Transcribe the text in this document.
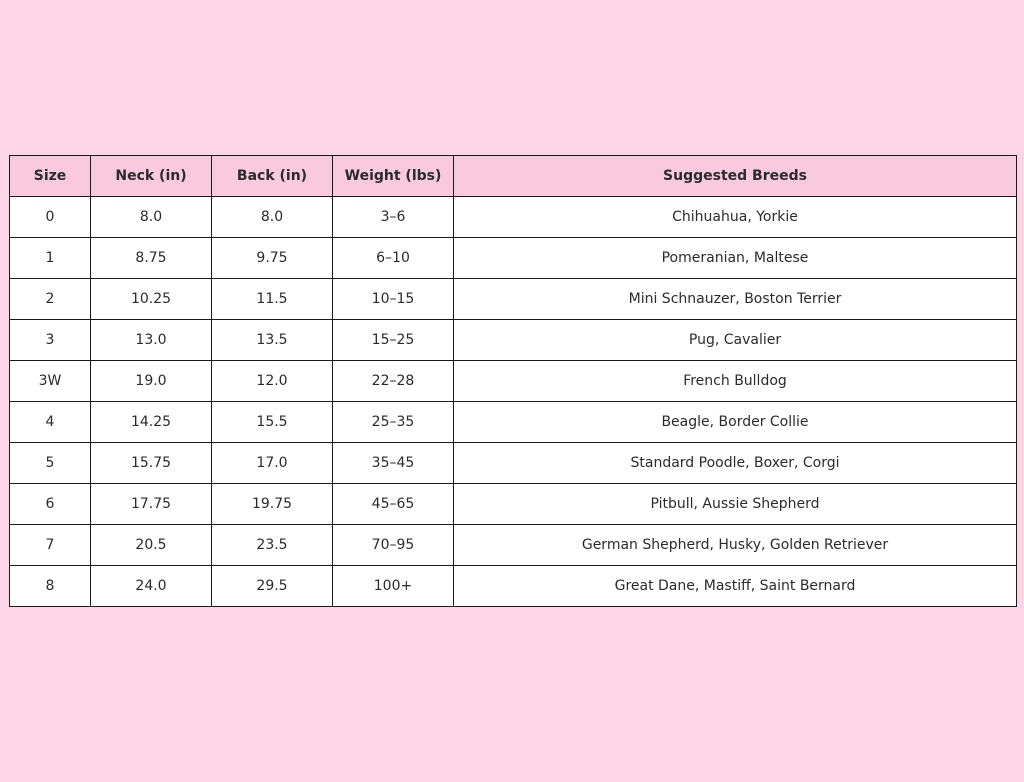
Size	Neck (in)	Back (in)	Weight (lbs)	Suggested Breeds
0	8.0	8.0	3–6	Chihuahua, Yorkie
1	8.75	9.75	6–10	Pomeranian, Maltese
2	10.25	11.5	10–15	Mini Schnauzer, Boston Terrier
3	13.0	13.5	15–25	Pug, Cavalier
3W	19.0	12.0	22–28	French Bulldog
4	14.25	15.5	25–35	Beagle, Border Collie
5	15.75	17.0	35–45	Standard Poodle, Boxer, Corgi
6	17.75	19.75	45–65	Pitbull, Aussie Shepherd
7	20.5	23.5	70–95	German Shepherd, Husky, Golden Retriever
8	24.0	29.5	100+	Great Dane, Mastiff, Saint Bernard
